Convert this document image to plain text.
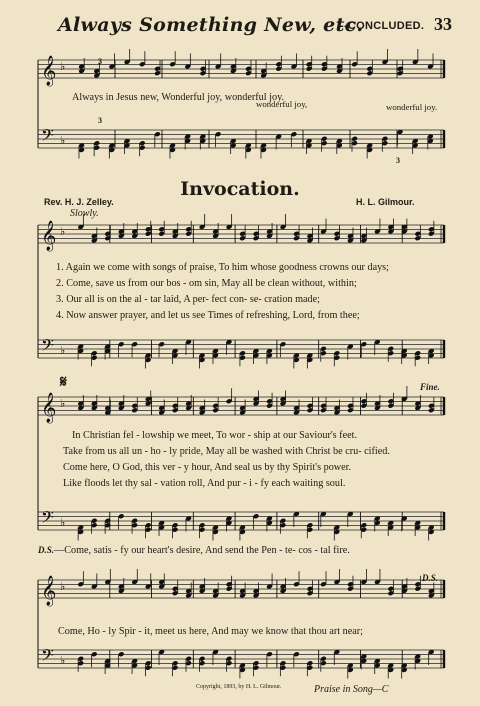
Always Something New, etc.
--CONCLUDED. 33
𝄞
𝄢
♭
♭
𝄞
𝄢
♭
♭
𝄞
𝄢
♭
♭
𝄞
𝄢
♭
♭
wonderful joy,
Always in Jesus new, Wonderful joy, wonderful joy.
wonderful joy.
3
3
3
Invocation.
Rev. H. J. Zelley.	H. L. Gilmour.
Slowly.
1. Again we come with songs of praise, To him whose goodness crowns our days;
2. Come, save us from our bos - om sin, May all be clean without, within;
3. Our all is on the al - tar laid, A per- fect con- se- cration made;
4. Now answer prayer, and let us see Times of refreshing, Lord, from thee;
𝄋	Fine.
In Christian fel - lowship we meet, To wor - ship at our Saviour's feet.
Take from us all un - ho - ly pride, May all be washed with Christ be cru- cified.
Come here, O God, this ver - y hour, And seal us by thy Spirit's power.
Like floods let thy sal - vation roll, And pur - i - fy each waiting soul.
D.S.—Come, satis - fy our heart's desire, And send the Pen - te- cos - tal fire.
D.S.
Come, Ho - ly Spir - it, meet us here, And may we know that thou art near;
Copyright, 1893, by H. L. Gilmour.	Praise in Song—C
